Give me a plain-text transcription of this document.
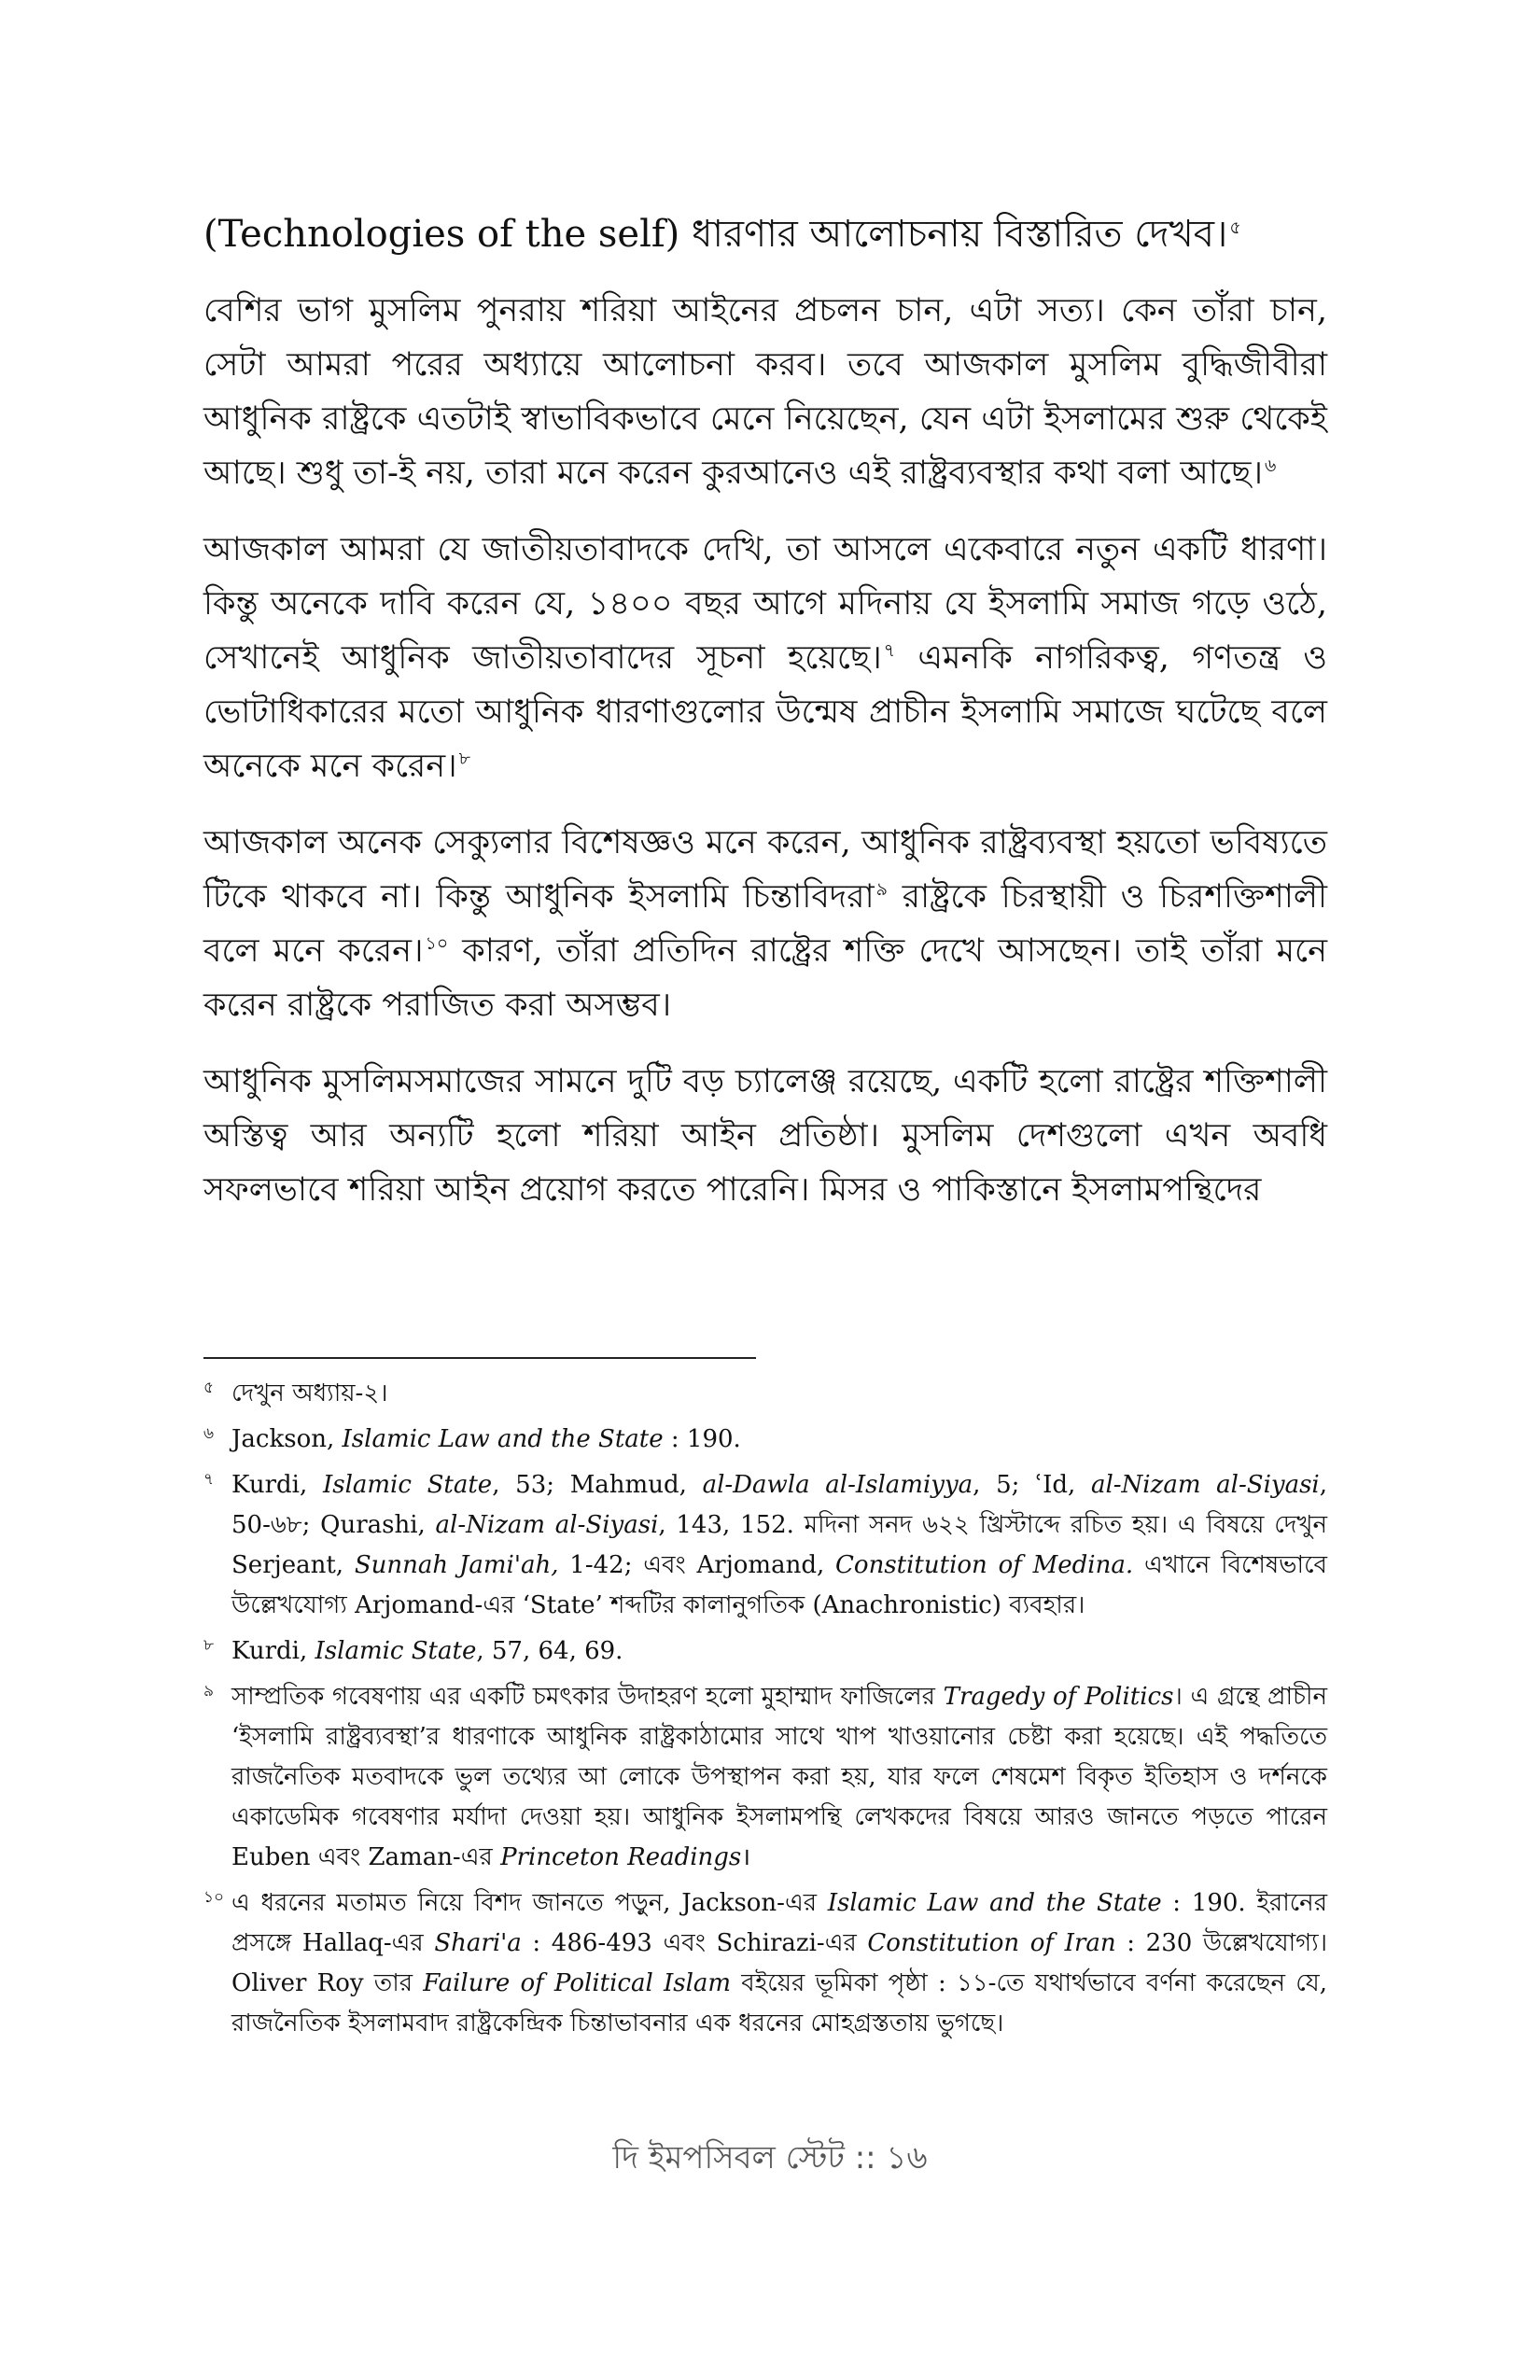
(Technologies of the self) ধারণার আলোচনায় বিস্তারিত দেখব। $^৫$

বেশির ভাগ মুসলিম পুনরায় শরিয়া আইনের প্রচলন চান, এটা সত্য। কেন তাঁরা চান, সেটা আমরা পরের অধ্যায়ে আলোচনা করব। তবে আজকাল মুসলিম বুদ্ধিজীবীরা আধুনিক রাষ্ট্রকে এতটাই স্বাভাবিকভাবে মেনে নিয়েছেন, যেন এটা ইসলামের শুরু থেকেই আছে। শুধু তা-ই নয়, তারা মনে করেন কুরআনেও এই রাষ্ট্রব্যবস্থার কথা বলা আছে। $^৬$

আজকাল আমরা যে জাতীয়তাবাদকে দেখি, তা আসলে একেবারে নতুন একটি ধারণা। কিন্তু অনেকে দাবি করেন যে, ১৪০০ বছর আগে মদিনায় যে ইসলামি সমাজ গড়ে ওঠে, সেখানেই আধুনিক জাতীয়তাবাদের সূচনা হয়েছে। $^৭$ এমনকি নাগরিকত্ব, গণতন্ত্র ও ভোটাধিকারের মতো আধুনিক ধারণাগুলোর উন্মেষ প্রাচীন ইসলামি সমাজে ঘটেছে বলে অনেকে মনে করেন। $^৮$

আজকাল অনেক সেক্যুলার বিশেষজ্ঞও মনে করেন, আধুনিক রাষ্ট্রব্যবস্থা হয়তো ভবিষ্যতে টিকে থাকবে না। কিন্তু আধুনিক ইসলামি চিন্তাবিদরা $^৯$ রাষ্ট্রকে চিরস্থায়ী ও চিরশক্তিশালী বলে মনে করেন। $^{১০}$ কারণ, তাঁরা প্রতিদিন রাষ্ট্রের শক্তি দেখে আসছেন। তাই তাঁরা মনে করেন রাষ্ট্রকে পরাজিত করা অসম্ভব।

আধুনিক মুসলিমসমাজের সামনে দুটি বড় চ্যালেঞ্জ রয়েছে, একটি হলো রাষ্ট্রের শক্তিশালী অস্তিত্ব আর অন্যটি হলো শরিয়া আইন প্রতিষ্ঠা। মুসলিম দেশগুলো এখন অবধি সফলভাবে শরিয়া আইন প্রয়োগ করতে পারেনি। মিসর ও পাকিস্তানে ইসলামপন্থিদের

৫ দেখুন অধ্যায়-২।
৬ Jackson, Islamic Law and the State : 190.
৭ Kurdi, Islamic State, 53; Mahmud, al-Dawla al-Islamiyya, 5; ʿId, al-Nizam al-Siyasi, 50-৬৮; Qurashi, al-Nizam al-Siyasi, 143, 152. মদিনা সনদ ৬২২ খ্রিস্টাব্দে রচিত হয়। এ বিষয়ে দেখুন Serjeant, Sunnah Jami'ah, 1-42; এবং Arjomand, Constitution of Medina. এখানে বিশেষভাবে উল্লেখযোগ্য Arjomand-এর ‘State’ শব্দটির কালানুগতিক (Anachronistic) ব্যবহার।
৮ Kurdi, Islamic State, 57, 64, 69.
৯ সাম্প্রতিক গবেষণায় এর একটি চমৎকার উদাহরণ হলো মুহাম্মাদ ফাজিলের Tragedy of Politics। এ গ্রন্থে প্রাচীন ‘ইসলামি রাষ্ট্রব্যবস্থা’র ধারণাকে আধুনিক রাষ্ট্রকাঠামোর সাথে খাপ খাওয়ানোর চেষ্টা করা হয়েছে। এই পদ্ধতিতে রাজনৈতিক মতবাদকে ভুল তথ্যের আ লোকে উপস্থাপন করা হয়, যার ফলে শেষমেশ বিকৃত ইতিহাস ও দর্শনকে একাডেমিক গবেষণার মর্যাদা দেওয়া হয়। আধুনিক ইসলামপন্থি লেখকদের বিষয়ে আরও জানতে পড়তে পারেন Euben এবং Zaman-এর Princeton Readings।
১০ এ ধরনের মতামত নিয়ে বিশদ জানতে পড়ুন, Jackson-এর Islamic Law and the State : 190. ইরানের প্রসঙ্গে Hallaq-এর Shari'a : 486-493 এবং Schirazi-এর Constitution of Iran : 230 উল্লেখযোগ্য। Oliver Roy তার Failure of Political Islam বইয়ের ভূমিকা পৃষ্ঠা : ১১-তে যথার্থভাবে বর্ণনা করেছেন যে, রাজনৈতিক ইসলামবাদ রাষ্ট্রকেন্দ্রিক চিন্তাভাবনার এক ধরনের মোহগ্রস্ততায় ভুগছে।
দি ইমপসিবল স্টেট :: ১৬
